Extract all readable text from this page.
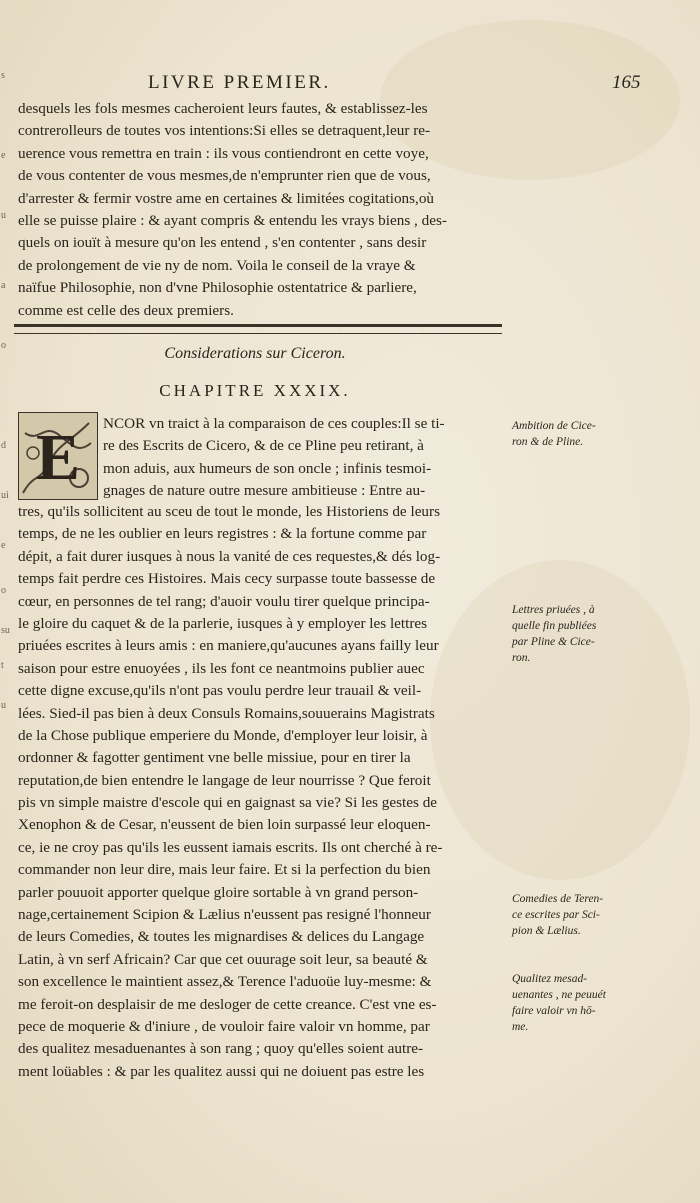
s
e
u
a
o
d
ui
e
o
su
t
u
LIVRE PREMIER.	165
desquels les fols mesmes cacheroient leurs fautes, & establissez-les
contrerolleurs de toutes vos intentions:Si elles se detraquent,leur re-
uerence vous remettra en train : ils vous contiendront en cette voye,
de vous contenter de vous mesmes,de n'emprunter rien que de vous,
d'arrester & fermir vostre ame en certaines & limitées cogitations,où
elle se puisse plaire : & ayant compris & entendu les vrays biens , des-
quels on iouït à mesure qu'on les entend , s'en contenter , sans desir
de prolongement de vie ny de nom. Voila le conseil de la vraye &
naïfue Philosophie, non d'vne Philosophie ostentatrice & parliere,
comme est celle des deux premiers.
Considerations sur Ciceron.
CHAPITRE XXXIX.
E NCOR vn traict à la comparaison de ces couples:Il se ti-
re des Escrits de Cicero, & de ce Pline peu retirant, à
mon aduis, aux humeurs de son oncle ; infinis tesmoi-
gnages de nature outre mesure ambitieuse : Entre au-
tres, qu'ils sollicitent au sceu de tout le monde, les Historiens de leurs
temps, de ne les oublier en leurs registres : & la fortune comme par
dépit, a fait durer iusques à nous la vanité de ces requestes,& dés log-
temps fait perdre ces Histoires. Mais cecy surpasse toute bassesse de
cœur, en personnes de tel rang; d'auoir voulu tirer quelque principa-
le gloire du caquet & de la parlerie, iusques à y employer les lettres
priuées escrites à leurs amis : en maniere,qu'aucunes ayans failly leur
saison pour estre enuoyées , ils les font ce neantmoins publier auec
cette digne excuse,qu'ils n'ont pas voulu perdre leur trauail & veil-
lées. Sied-il pas bien à deux Consuls Romains,souuerains Magistrats
de la Chose publique emperiere du Monde, d'employer leur loisir, à
ordonner & fagotter gentiment vne belle missiue, pour en tirer la
reputation,de bien entendre le langage de leur nourrisse ? Que feroit
pis vn simple maistre d'escole qui en gaignast sa vie? Si les gestes de
Xenophon & de Cesar, n'eussent de bien loin surpassé leur eloquen-
ce, ie ne croy pas qu'ils les eussent iamais escrits. Ils ont cherché à re-
commander non leur dire, mais leur faire. Et si la perfection du bien
parler pouuoit apporter quelque gloire sortable à vn grand person-
nage,certainement Scipion & Lælius n'eussent pas resigné l'honneur
de leurs Comedies, & toutes les mignardises & delices du Langage
Latin, à vn serf Africain? Car que cet ouurage soit leur, sa beauté &
son excellence le maintient assez,& Terence l'aduoüe luy-mesme: &
me feroit-on desplaisir de me desloger de cette creance. C'est vne es-
pece de moquerie & d'iniure , de vouloir faire valoir vn homme, par
des qualitez mesaduenantes à son rang ; quoy qu'elles soient autre-
ment loüables : & par les qualitez aussi qui ne doiuent pas estre les
Ambition de Cice-
ron & de Pline.
Lettres priuées , à
quelle fin publiées
par Pline & Cice-
ron.
Comedies de Teren-
ce escrites par Sci-
pion & Lælius.
Qualitez mesad-
uenantes , ne peuuét
faire valoir vn hō-
me.
